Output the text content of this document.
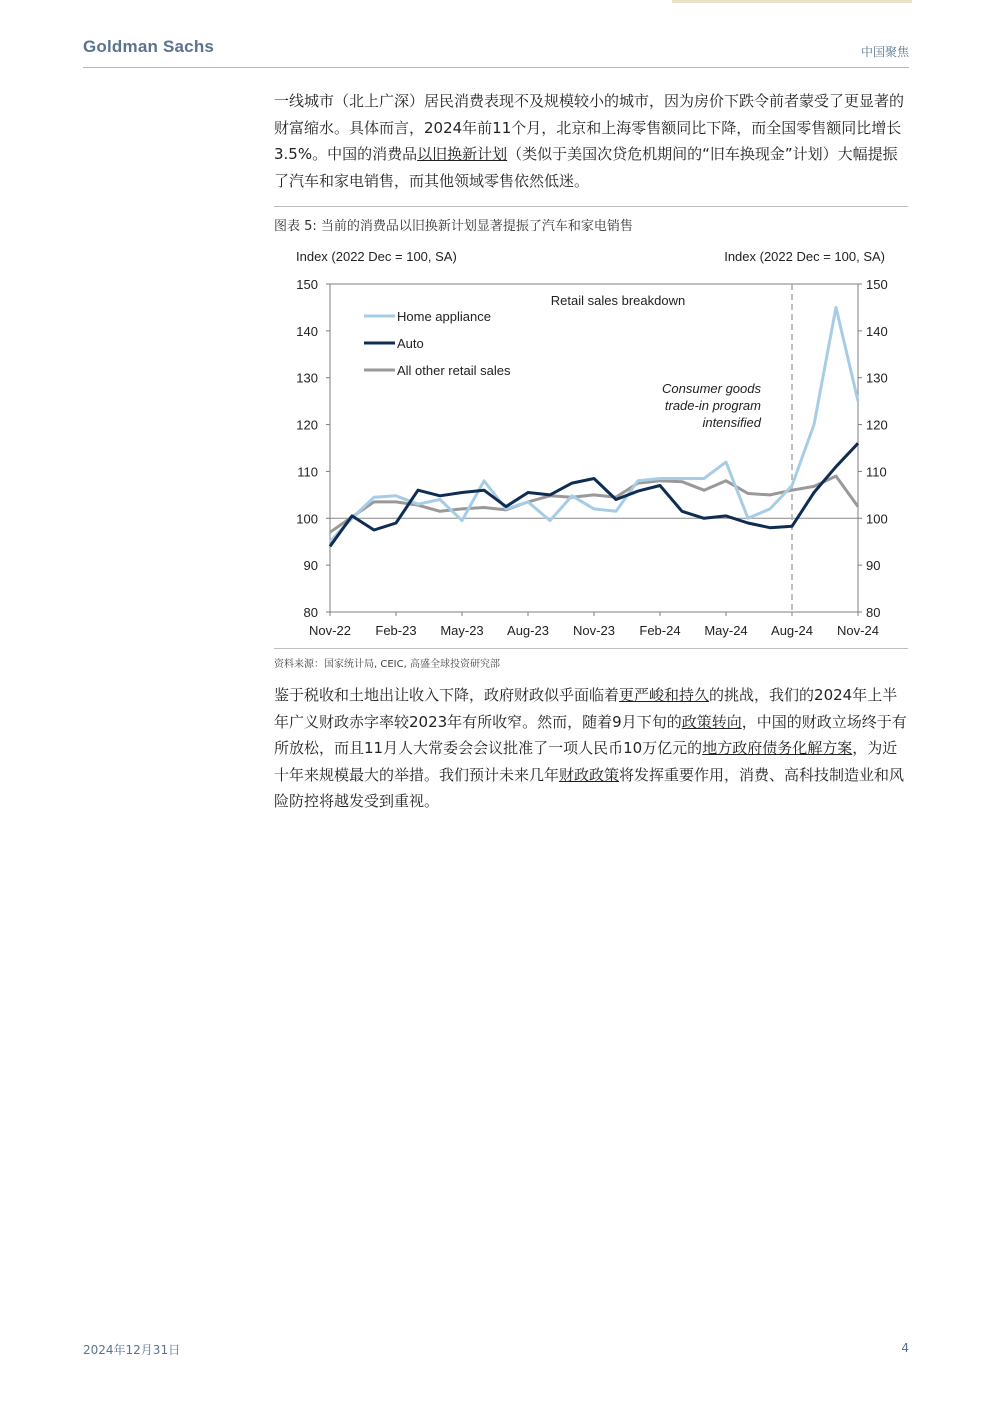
Goldman Sachs	中国聚焦

一线城市（北上广深）居民消费表现不及规模较小的城市，因为房价下跌令前者蒙受了更显著的财富缩水。具体而言，2024年前11个月，北京和上海零售额同比下降，而全国零售额同比增长3.5%。中国的消费品以旧换新计划（类似于美国次贷危机期间的“旧车换现金”计划）大幅提振了汽车和家电销售，而其他领域零售依然低迷。

图表 5: 当前的消费品以旧换新计划显著提振了汽车和家电销售
Index (2022 Dec = 100, SA)	Index (2022 Dec = 100, SA)
80	80
90	90
100	100
110	110
120	120
130	130
140	140
150	150
Nov-22 Feb-23 May-23 Aug-23 Nov-23 Feb-24 May-24 Aug-24 Nov-24
Retail sales breakdown
Home appliance
Auto
All other retail sales
Consumer goods
trade-in program
intensified
资料来源：国家统计局, CEIC, 高盛全球投资研究部

鉴于税收和土地出让收入下降，政府财政似乎面临着更严峻和持久的挑战，我们的2024年上半年广义财政赤字率较2023年有所收窄。然而，随着9月下旬的政策转向，中国的财政立场终于有所放松，而且11月人大常委会会议批准了一项人民币10万亿元的地方政府债务化解方案，为近十年来规模最大的举措。我们预计未来几年财政政策将发挥重要作用，消费、高科技制造业和风险防控将越发受到重视。

2024年12月31日	4
